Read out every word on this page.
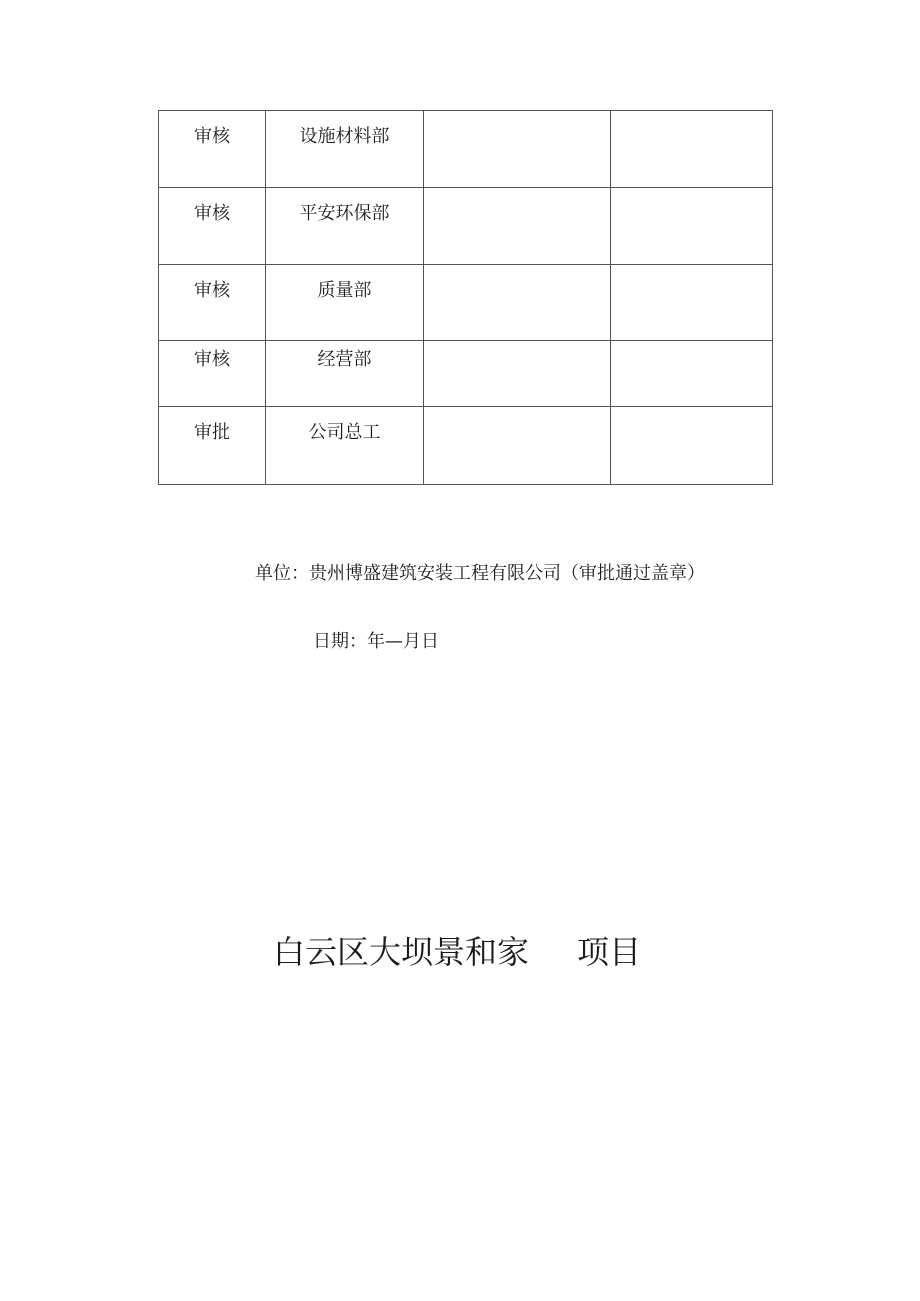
审核	设施材料部		

审核	平安环保部		

审核	质量部		

审核	经营部		

审批	公司总工		

单位：贵州博盛建筑安装工程有限公司（审批通过盖章）
日期：年—月日
白云区大坝景和家 项目
